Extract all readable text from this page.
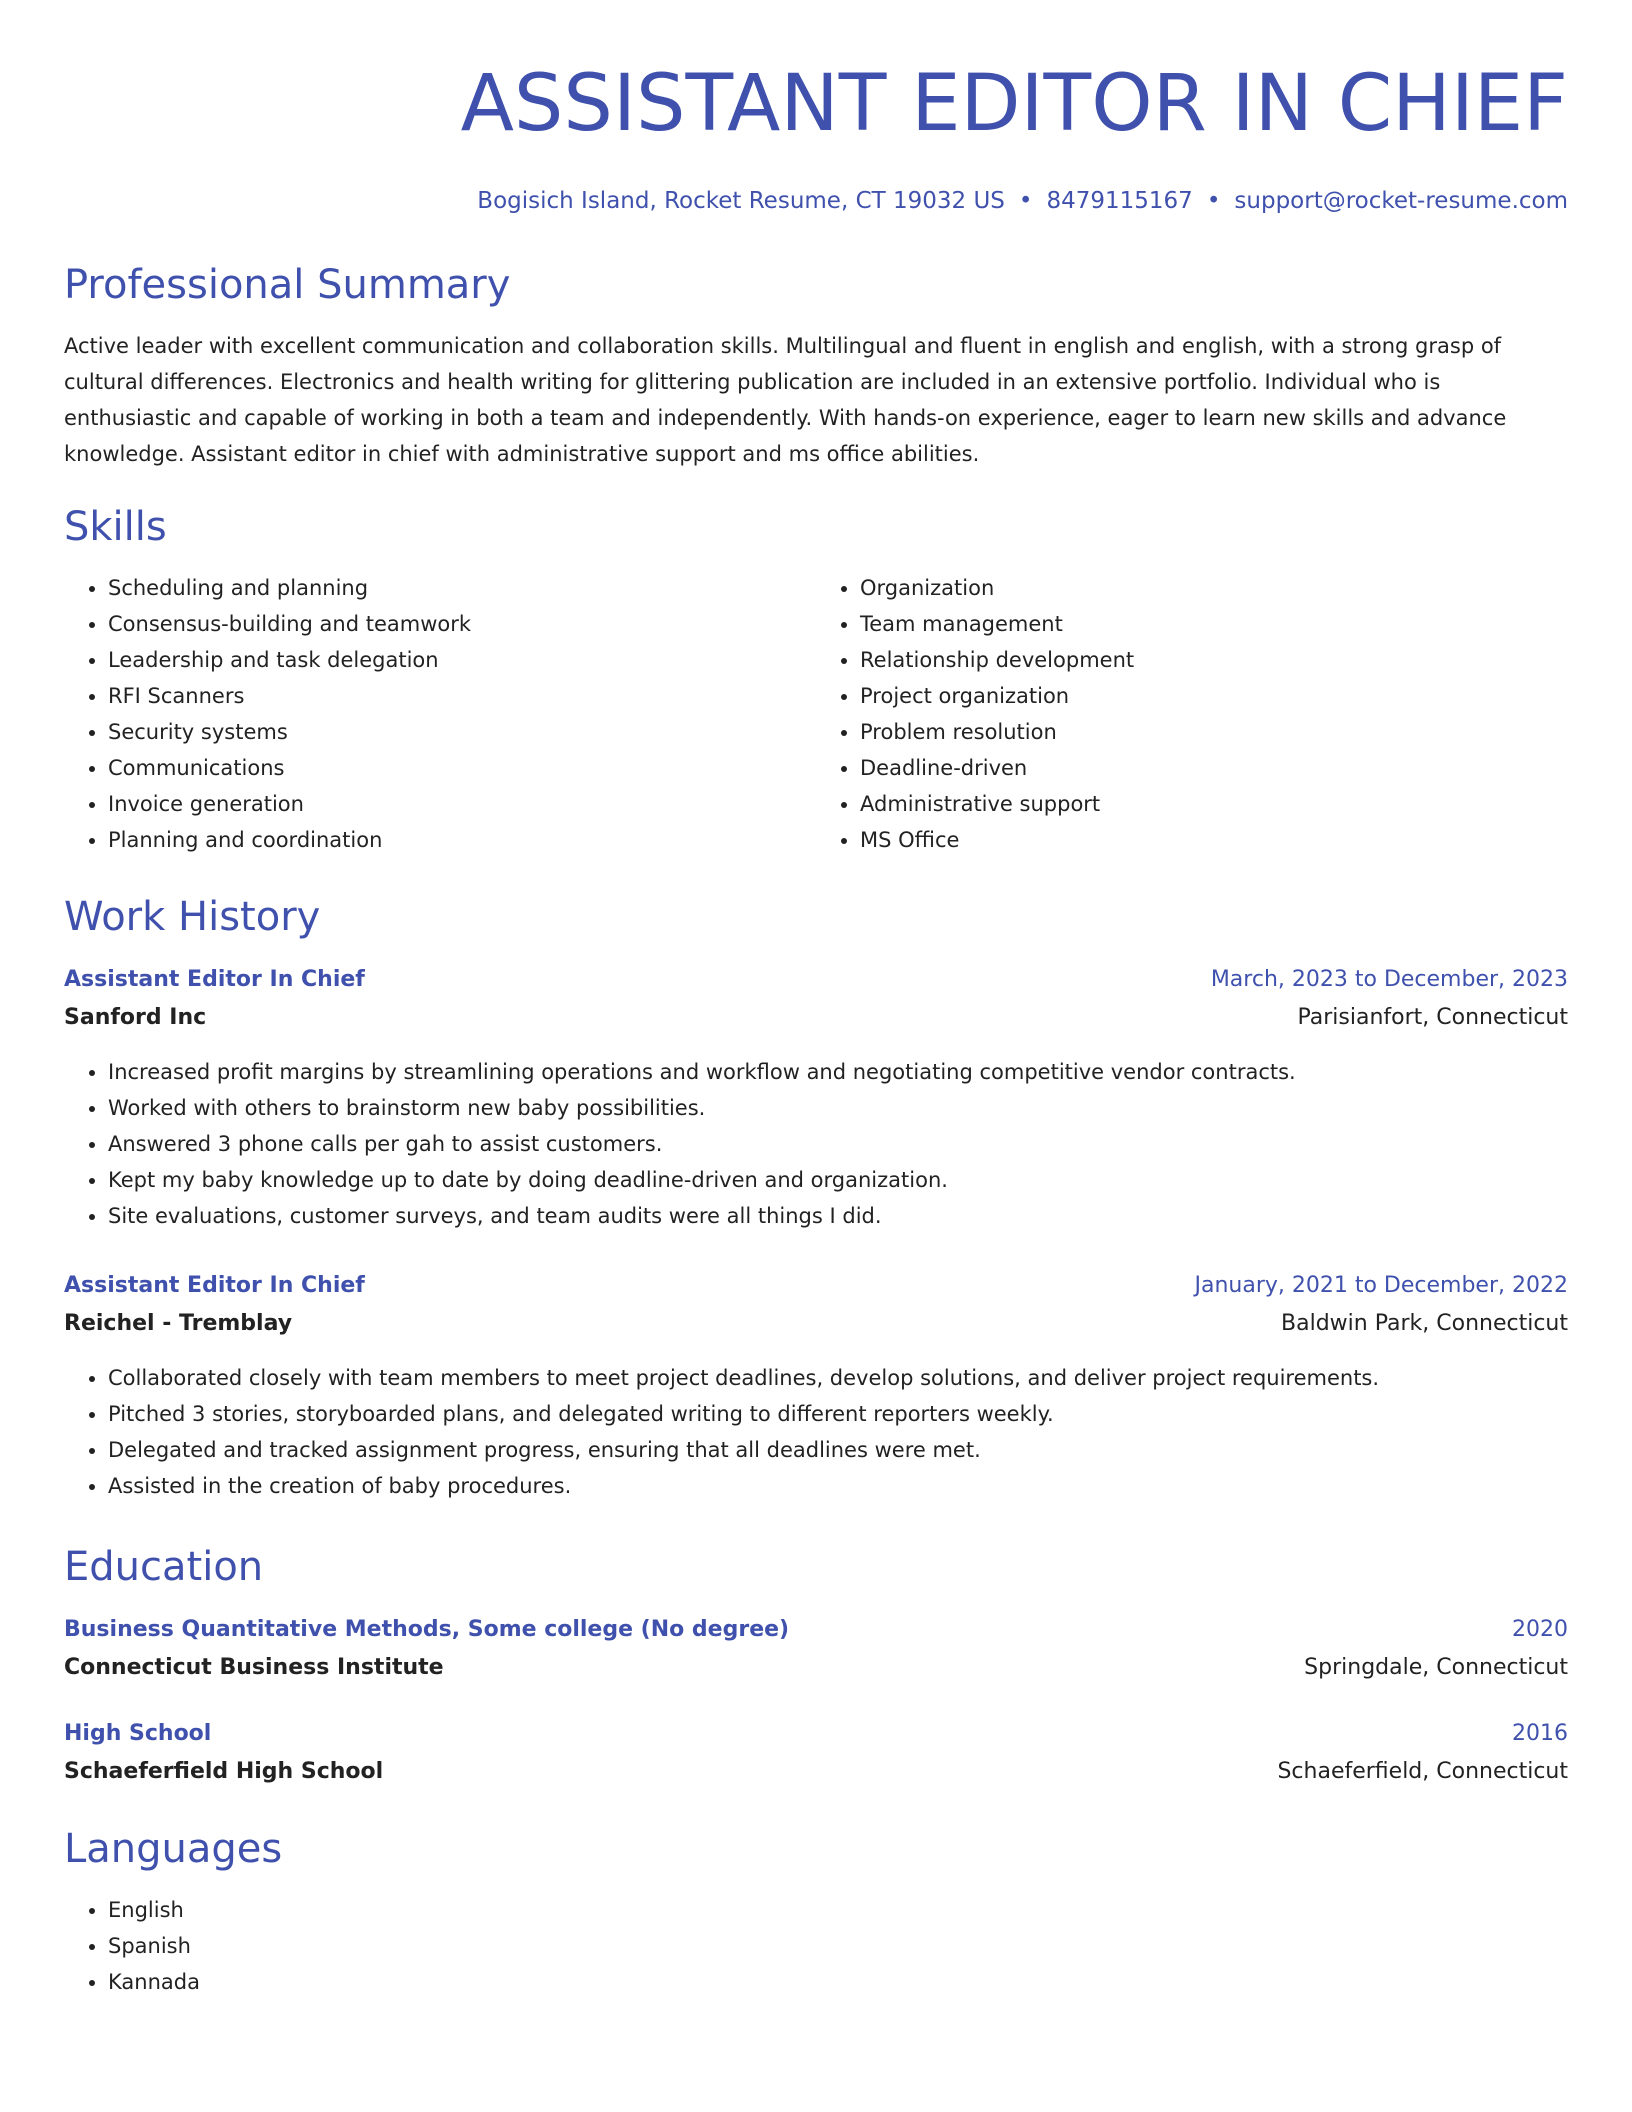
ASSISTANT EDITOR IN CHIEF
Bogisich Island, Rocket Resume, CT 19032 US • 8479115167 • support@rocket-resume.com
Professional Summary
Active leader with excellent communication and collaboration skills. Multilingual and fluent in english and english, with a strong grasp of cultural differences. Electronics and health writing for glittering publication are included in an extensive portfolio. Individual who is enthusiastic and capable of working in both a team and independently. With hands-on experience, eager to learn new skills and advance knowledge. Assistant editor in chief with administrative support and ms office abilities.
Skills
• Scheduling and planning
• Consensus-building and teamwork
• Leadership and task delegation
• RFI Scanners
• Security systems
• Communications
• Invoice generation
• Planning and coordination
• Organization
• Team management
• Relationship development
• Project organization
• Problem resolution
• Deadline-driven
• Administrative support
• MS Office
Work History
Assistant Editor In Chief	March, 2023 to December, 2023
Sanford Inc	Parisianfort, Connecticut
• Increased profit margins by streamlining operations and workflow and negotiating competitive vendor contracts.
• Worked with others to brainstorm new baby possibilities.
• Answered 3 phone calls per gah to assist customers.
• Kept my baby knowledge up to date by doing deadline-driven and organization.
• Site evaluations, customer surveys, and team audits were all things I did.
Assistant Editor In Chief	January, 2021 to December, 2022
Reichel - Tremblay	Baldwin Park, Connecticut
• Collaborated closely with team members to meet project deadlines, develop solutions, and deliver project requirements.
• Pitched 3 stories, storyboarded plans, and delegated writing to different reporters weekly.
• Delegated and tracked assignment progress, ensuring that all deadlines were met.
• Assisted in the creation of baby procedures.
Education
Business Quantitative Methods, Some college (No degree)	2020
Connecticut Business Institute	Springdale, Connecticut
High School	2016
Schaeferfield High School	Schaeferfield, Connecticut
Languages
• English
• Spanish
• Kannada
